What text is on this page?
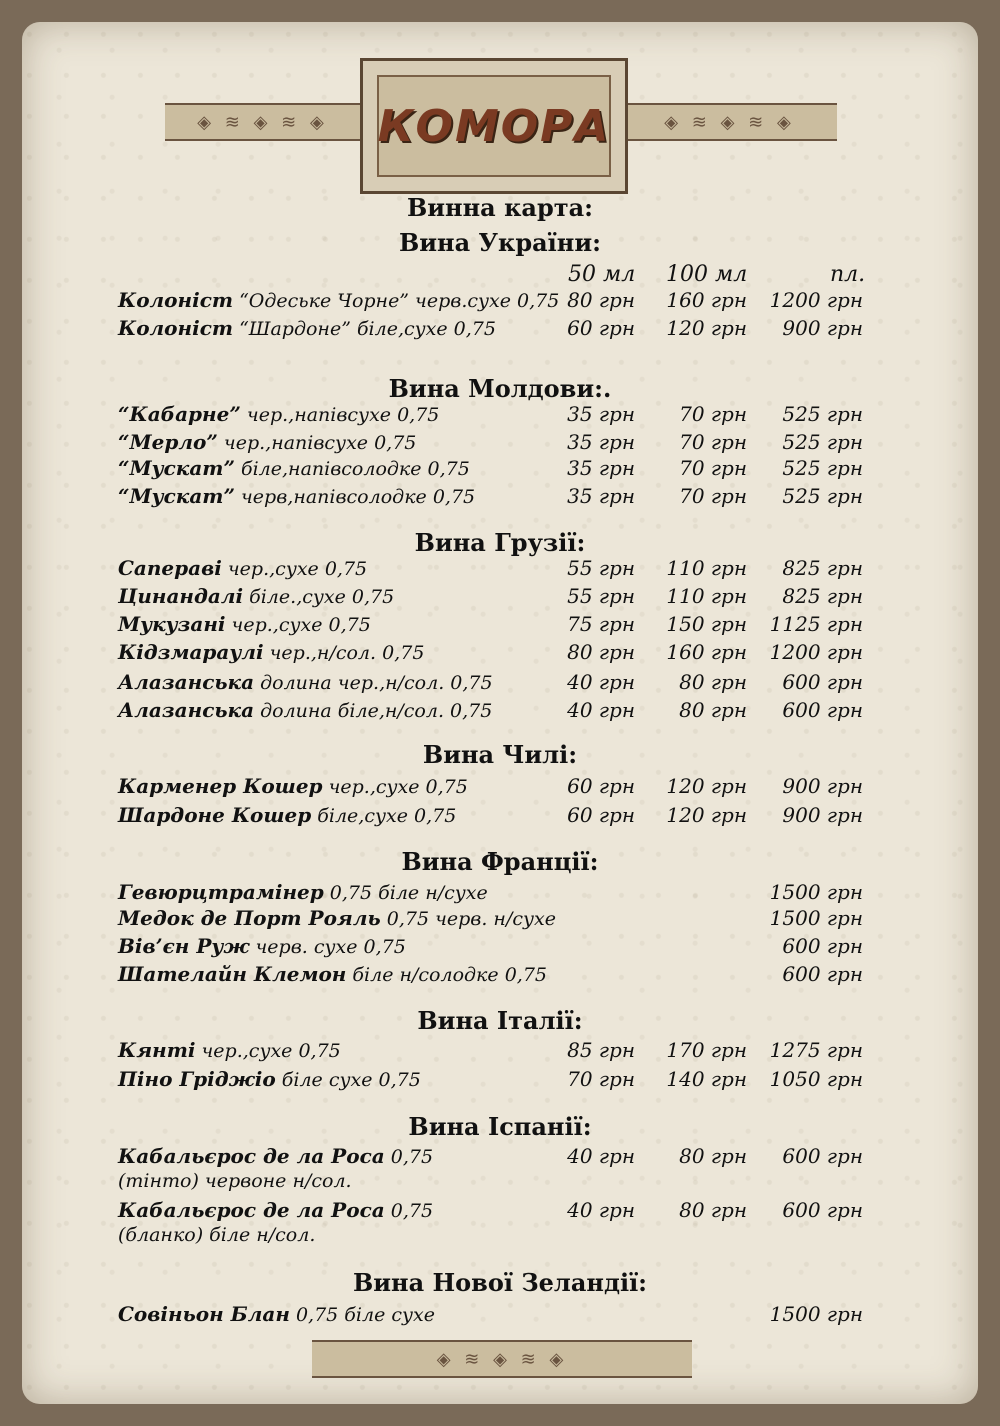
◈ ≋ ◈ ≋ ◈	◈ ≋ ◈ ≋ ◈
КОМОРА
Винна карта:
50 мл 100 мл	пл.
Вина України:
Колоніст “Одеське Чорне” черв.сухе 0,75 80 грн 160 грн 1200 грн
Колоніст “Шардоне” біле,сухе 0,75	60 грн 120 грн 900 грн
Вина Молдови:.
“Кабарне” чер.,напівсухе 0,75	35 грн 70 грн 525 грн
“Мерло” чер.,напівсухе 0,75	35 грн 70 грн 525 грн
“Мускат” біле,напівсолодке 0,75	35 грн 70 грн 525 грн
“Мускат” черв,напівсолодке 0,75	35 грн 70 грн 525 грн
Вина Грузії:
Сапераві чер.,сухе 0,75	55 грн 110 грн 825 грн
Цинандалі біле.,сухе 0,75	55 грн 110 грн 825 грн
Мукузані чер.,сухе 0,75	75 грн 150 грн 1125 грн
Кідзмараулі чер.,н/сол. 0,75	80 грн 160 грн 1200 грн
Алазанська долина чер.,н/сол. 0,75	40 грн 80 грн 600 грн
Алазанська долина біле,н/сол. 0,75	40 грн 80 грн 600 грн
Вина Чилі:
Карменер Кошер чер.,сухе 0,75	60 грн 120 грн 900 грн
Шардоне Кошер біле,сухе 0,75	60 грн 120 грн 900 грн
Вина Франції:
Гевюрцтрамінер 0,75 біле н/сухе	1500 грн
Медок де Порт Рояль 0,75 черв. н/сухе	1500 грн
Вів’єн Руж черв. сухе 0,75	600 грн
Шателайн Клемон біле н/солодке 0,75	600 грн
Вина Італії:
Кянті чер.,сухе 0,75	85 грн 170 грн 1275 грн
Піно Гріджіо біле сухе 0,75	70 грн 140 грн 1050 грн
Вина Іспанії:
Кабальєрос де ла Роса 0,75	40 грн 80 грн 600 грн
(тінто) червоне н/сол.
Кабальєрос де ла Роса 0,75	40 грн 80 грн 600 грн
(бланко) біле н/сол.
Вина Нової Зеландії:
Совіньон Блан 0,75 біле сухе	1500 грн
◈ ≋ ◈ ≋ ◈
